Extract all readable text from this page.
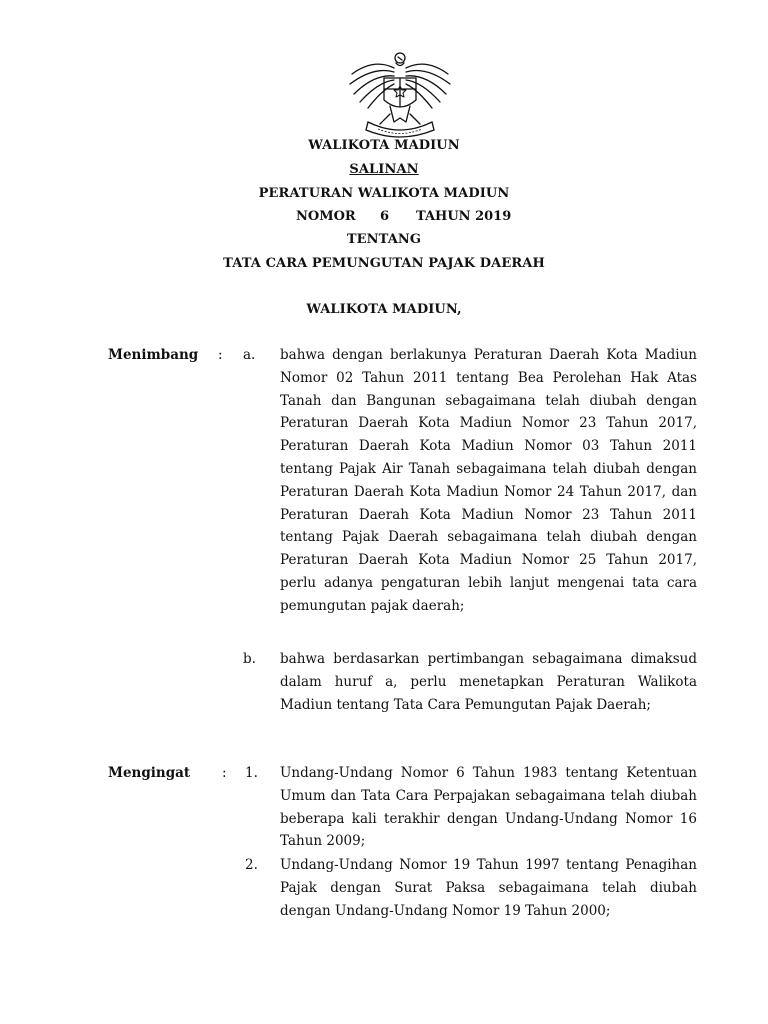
WALIKOTA MADIUN
SALINAN
PERATURAN WALIKOTA MADIUN
NOMOR 6 TAHUN 2019
TENTANG
TATA CARA PEMUNGUTAN PAJAK DAERAH
WALIKOTA MADIUN,
Menimbang : a. bahwa dengan berlakunya Peraturan Daerah Kota Madiun Nomor 02 Tahun 2011 tentang Bea Perolehan Hak Atas Tanah dan Bangunan sebagaimana telah diubah dengan Peraturan Daerah Kota Madiun Nomor 23 Tahun 2017, Peraturan Daerah Kota Madiun Nomor 03 Tahun 2011 tentang Pajak Air Tanah sebagaimana telah diubah dengan Peraturan Daerah Kota Madiun Nomor 24 Tahun 2017, dan Peraturan Daerah Kota Madiun Nomor 23 Tahun 2011 tentang Pajak Daerah sebagaimana telah diubah dengan Peraturan Daerah Kota Madiun Nomor 25 Tahun 2017, perlu adanya pengaturan lebih lanjut mengenai tata cara pemungutan pajak daerah;

b. bahwa berdasarkan pertimbangan sebagaimana dimaksud dalam huruf a, perlu menetapkan Peraturan Walikota Madiun tentang Tata Cara Pemungutan Pajak Daerah;

Mengingat : 1. Undang-Undang Nomor 6 Tahun 1983 tentang Ketentuan Umum dan Tata Cara Perpajakan sebagaimana telah diubah beberapa kali terakhir dengan Undang-Undang Nomor 16 Tahun 2009;

2. Undang-Undang Nomor 19 Tahun 1997 tentang Penagihan Pajak dengan Surat Paksa sebagaimana telah diubah dengan Undang-Undang Nomor 19 Tahun 2000;
